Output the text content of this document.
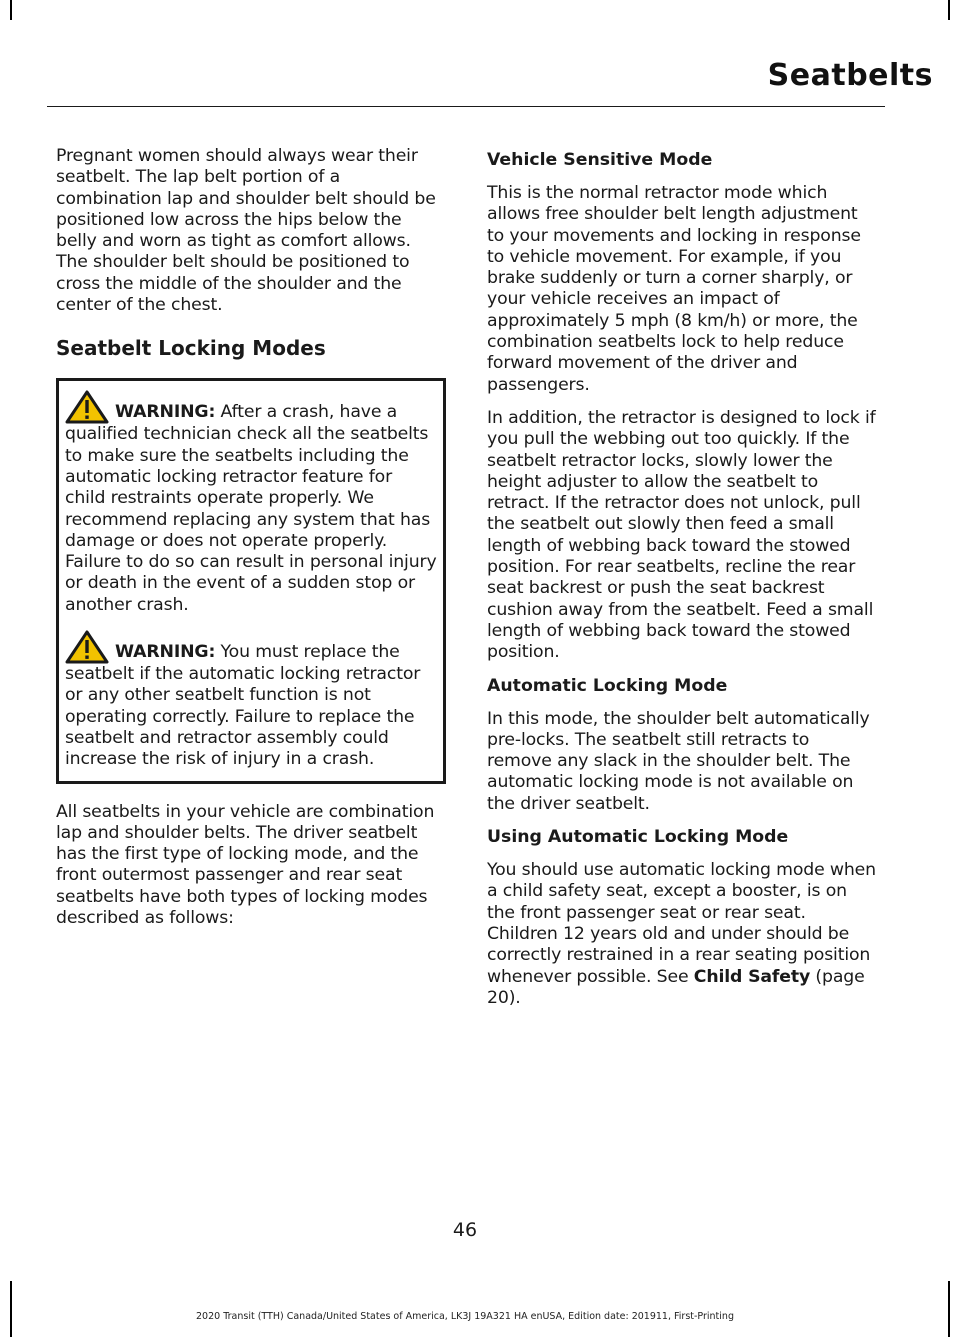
Seatbelts

Pregnant women should always wear their seatbelt. The lap belt portion of a combination lap and shoulder belt should be positioned low across the hips below the belly and worn as tight as comfort allows. The shoulder belt should be positioned to cross the middle of the shoulder and the center of the chest.

Seatbelt Locking Modes

WARNING: After a crash, have a qualified technician check all the seatbelts to make sure the seatbelts including the automatic locking retractor feature for child restraints operate properly. We recommend replacing any system that has damage or does not operate properly. Failure to do so can result in personal injury or death in the event of a sudden stop or another crash.

WARNING: You must replace the seatbelt if the automatic locking retractor or any other seatbelt function is not operating correctly. Failure to replace the seatbelt and retractor assembly could increase the risk of injury in a crash.

All seatbelts in your vehicle are combination lap and shoulder belts. The driver seatbelt has the first type of locking mode, and the front outermost passenger and rear seat seatbelts have both types of locking modes described as follows:

Vehicle Sensitive Mode

This is the normal retractor mode which allows free shoulder belt length adjustment to your movements and locking in response to vehicle movement. For example, if you brake suddenly or turn a corner sharply, or your vehicle receives an impact of approximately 5 mph (8 km/h) or more, the combination seatbelts lock to help reduce forward movement of the driver and passengers.

In addition, the retractor is designed to lock if you pull the webbing out too quickly. If the seatbelt retractor locks, slowly lower the height adjuster to allow the seatbelt to retract. If the retractor does not unlock, pull the seatbelt out slowly then feed a small length of webbing back toward the stowed position. For rear seatbelts, recline the rear seat backrest or push the seat backrest cushion away from the seatbelt. Feed a small length of webbing back toward the stowed position.

Automatic Locking Mode

In this mode, the shoulder belt automatically pre-locks. The seatbelt still retracts to remove any slack in the shoulder belt. The automatic locking mode is not available on the driver seatbelt.

Using Automatic Locking Mode

You should use automatic locking mode when a child safety seat, except a booster, is on the front passenger seat or rear seat. Children 12 years old and under should be correctly restrained in a rear seating position whenever possible. See Child Safety (page 20).

46
2020 Transit (TTH) Canada/United States of America, LK3J 19A321 HA enUSA, Edition date: 201911, First-Printing
